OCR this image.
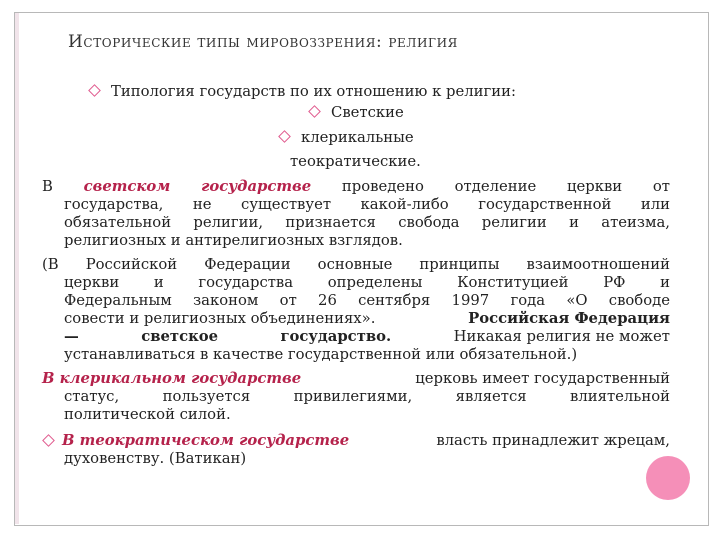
Исторические типы мировоззрения: религия
Типология государств по их отношению к религии:
Светские
клерикальные
теократические.
В светском государстве проведено отделение церкви от
государства, не существует какой-либо государственной или
обязательной религии, признается свобода религии и атеизма,
религиозных и антирелигиозных взглядов.
(В Российской Федерации основные принципы взаимоотношений
церкви и государства определены Конституцией РФ и
Федеральным законом от 26 сентября 1997 года «О свободе
совести и религиозных объединениях».	Российская Федерация
—	светское	государство.	Никакая религия не может
устанавливаться в качестве государственной или обязательной.)
В клерикальном государстве	церковь имеет государственный
статус, пользуется привилегиями, является влиятельной
политической силой.
В теократическом государстве	власть принадлежит жрецам,
духовенству. (Ватикан)
